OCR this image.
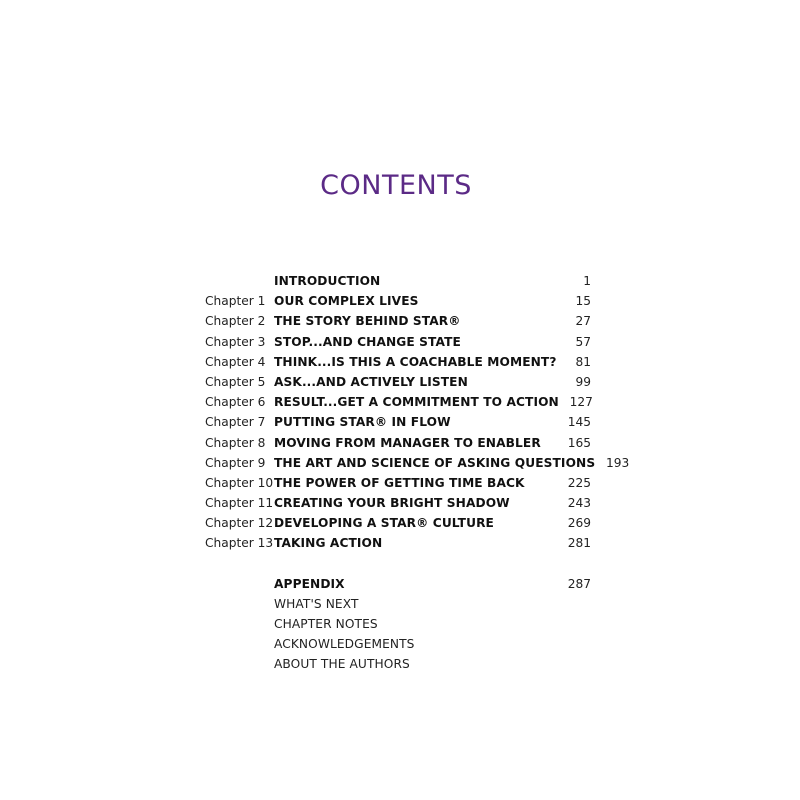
CONTENTS
INTRODUCTION	1
Chapter 1 OUR COMPLEX LIVES	15
Chapter 2 THE STORY BEHIND STAR®	27
Chapter 3 STOP...AND CHANGE STATE	57
Chapter 4 THINK...IS THIS A COACHABLE MOMENT?	81
Chapter 5 ASK...AND ACTIVELY LISTEN	99
Chapter 6 RESULT...GET A COMMITMENT TO ACTION 127
Chapter 7 PUTTING STAR® IN FLOW	145
Chapter 8 MOVING FROM MANAGER TO ENABLER	165
Chapter 9 THE ART AND SCIENCE OF ASKING QUESTIONS 193
Chapter 10 THE POWER OF GETTING TIME BACK	225
Chapter 11 CREATING YOUR BRIGHT SHADOW	243
Chapter 12 DEVELOPING A STAR® CULTURE	269
Chapter 13 TAKING ACTION	281
APPENDIX	287
WHAT'S NEXT
CHAPTER NOTES
ACKNOWLEDGEMENTS
ABOUT THE AUTHORS
